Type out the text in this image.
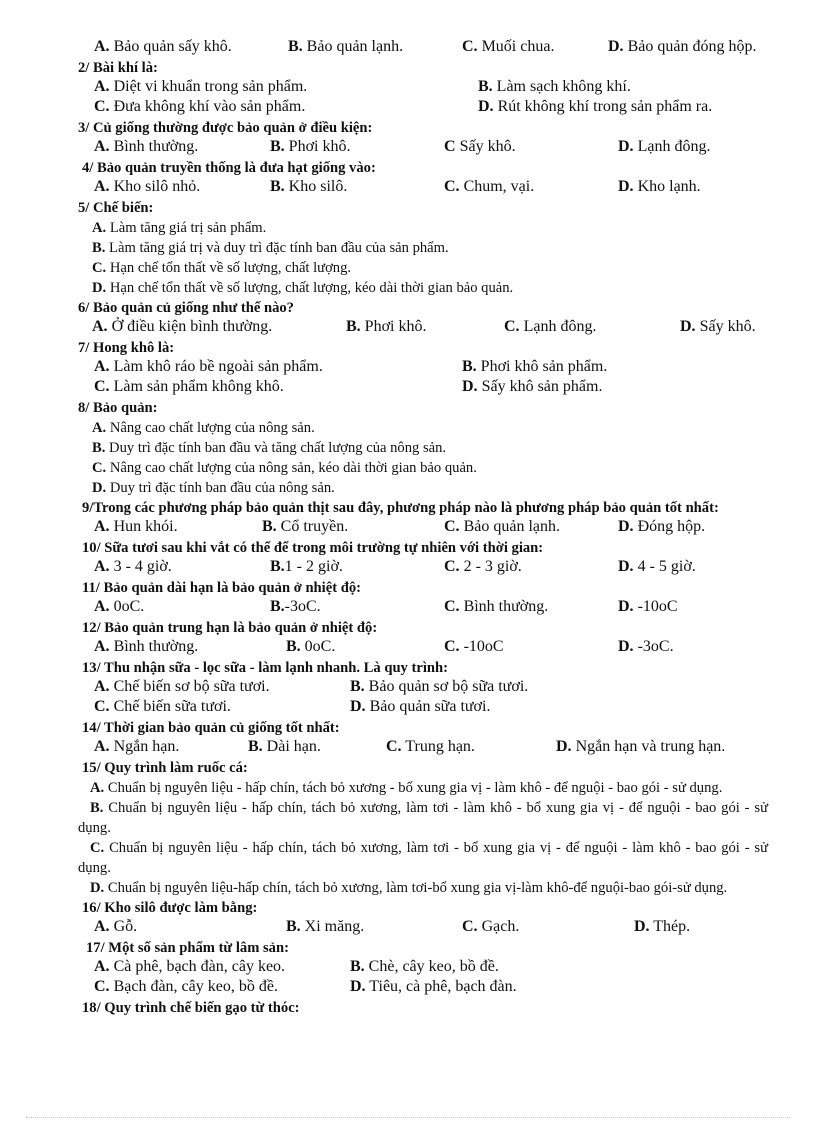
A. Bảo quản sấy khô.	B. Bảo quản lạnh.	C. Muối chua.	D. Bảo quản đóng hộp.
2/ Bài khí là:
A. Diệt vi khuẩn trong sản phẩm.	B. Làm sạch không khí.
C. Đưa không khí vào sản phẩm.	D. Rút không khí trong sản phẩm ra.
3/ Củ giống thường được bảo quản ở điều kiện:
A. Bình thường.	B. Phơi khô.	C Sấy khô.	D. Lạnh đông.
4/ Bảo quản truyền thống là đưa hạt giống vào:
A. Kho silô nhỏ.	B. Kho silô.	C. Chum, vại.	D. Kho lạnh.
5/ Chế biến:
A. Làm tăng giá trị sản phẩm.
B. Làm tăng giá trị và duy trì đặc tính ban đầu của sản phẩm.
C. Hạn chế tổn thất về số lượng, chất lượng.
D. Hạn chế tổn thất về số lượng, chất lượng, kéo dài thời gian bảo quản.
6/ Bảo quản củ giống như thế nào?
A. Ở điều kiện bình thường.	B. Phơi khô.	C. Lạnh đông.	D. Sấy khô.
7/ Hong khô là:
A. Làm khô ráo bề ngoài sản phẩm.	B. Phơi khô sản phẩm.
C. Làm sản phẩm không khô.	D. Sấy khô sản phẩm.
8/ Bảo quản:
A. Nâng cao chất lượng của nông sản.
B. Duy trì đặc tính ban đầu và tăng chất lượng của nông sản.
C. Nâng cao chất lượng của nông sản, kéo dài thời gian bảo quản.
D. Duy trì đặc tính ban đầu của nông sản.
9/Trong các phương pháp bảo quản thịt sau đây, phương pháp nào là phương pháp bảo quản tốt nhất:
A. Hun khói.	B. Cổ truyền.	C. Bảo quản lạnh.	D. Đóng hộp.
10/ Sữa tươi sau khi vắt có thể để trong môi trường tự nhiên với thời gian:
A. 3 - 4 giờ.	B.1 - 2 giờ.	C. 2 - 3 giờ.	D. 4 - 5 giờ.
11/ Bảo quản dài hạn là bảo quản ở nhiệt độ:
A. 0oC.	B.-3oC.	C. Bình thường.	D. -10oC
12/ Bảo quản trung hạn là bảo quản ở nhiệt độ:
A. Bình thường.	B. 0oC.	C. -10oC	D. -3oC.
13/ Thu nhận sữa - lọc sữa - làm lạnh nhanh. Là quy trình:
A. Chế biến sơ bộ sữa tươi.	B. Bảo quản sơ bộ sữa tươi.
C. Chế biến sữa tươi.	D. Bảo quản sữa tươi.
14/ Thời gian bảo quản củ giống tốt nhất:
A. Ngắn hạn.	B. Dài hạn.	C. Trung hạn.	D. Ngắn hạn và trung hạn.
15/ Quy trình làm ruốc cá:
A. Chuẩn bị nguyên liệu - hấp chín, tách bỏ xương - bổ xung gia vị - làm khô - để nguội - bao gói - sử dụng.
B. Chuẩn bị nguyên liệu - hấp chín, tách bỏ xương, làm tơi - làm khô - bổ xung gia vị - để nguội - bao gói - sử dụng.
C. Chuẩn bị nguyên liệu - hấp chín, tách bỏ xương, làm tơi - bổ xung gia vị - để nguội - làm khô - bao gói - sử dụng.
D. Chuẩn bị nguyên liệu-hấp chín, tách bỏ xương, làm tơi-bổ xung gia vị-làm khô-để nguội-bao gói-sử dụng.
16/ Kho silô được làm bằng:
A. Gỗ.	B. Xi măng.	C. Gạch.	D. Thép.
17/ Một số sản phẩm từ lâm sản:
A. Cà phê, bạch đàn, cây keo.	B. Chè, cây keo, bồ đề.
C. Bạch đàn, cây keo, bồ đề.	D. Tiêu, cà phê, bạch đàn.
18/ Quy trình chế biến gạo từ thóc:
